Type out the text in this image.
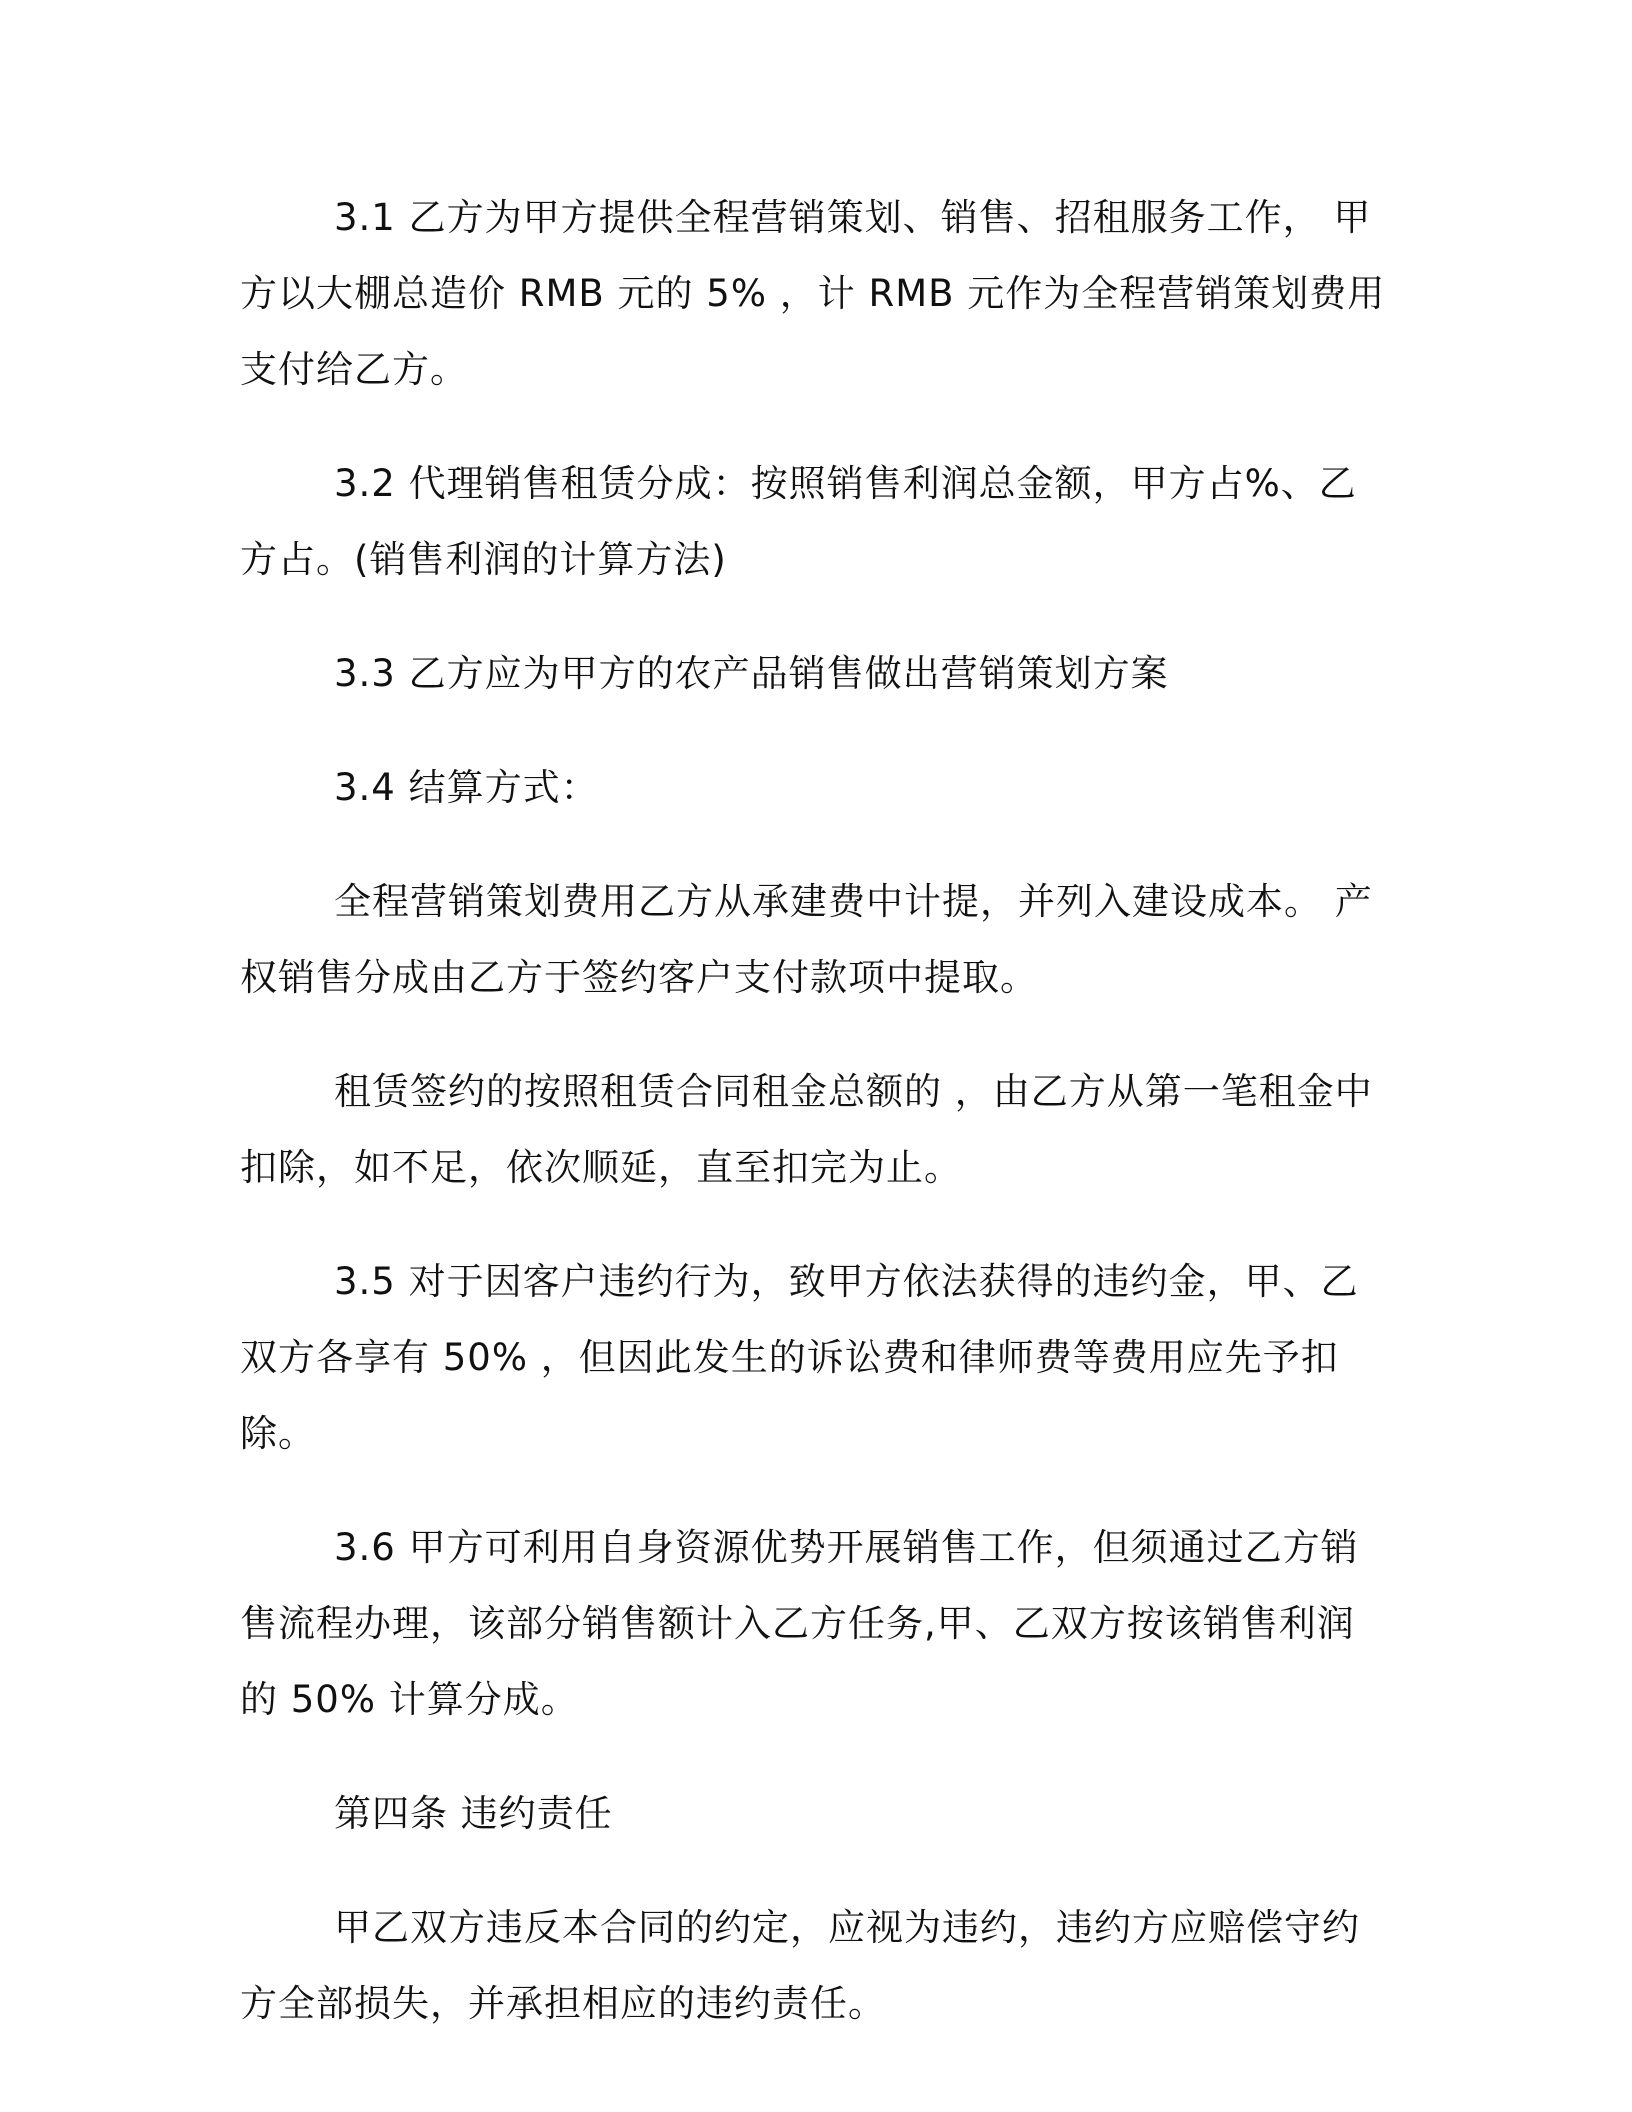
3.1 乙方为甲方提供全程营销策划、销售、招租服务工作， 甲方以大棚总造价 RMB 元的 5% ，计 RMB 元作为全程营销策划费用支付给乙方。

3.2 代理销售租赁分成：按照销售利润总金额，甲方占%、乙方占。(销售利润的计算方法)

3.3 乙方应为甲方的农产品销售做出营销策划方案

3.4 结算方式：

全程营销策划费用乙方从承建费中计提，并列入建设成本。 产权销售分成由乙方于签约客户支付款项中提取。

租赁签约的按照租赁合同租金总额的 ，由乙方从第一笔租金中扣除，如不足，依次顺延，直至扣完为止。

3.5 对于因客户违约行为，致甲方依法获得的违约金，甲、乙双方各享有 50% ，但因此发生的诉讼费和律师费等费用应先予扣除。

3.6 甲方可利用自身资源优势开展销售工作，但须通过乙方销售流程办理，该部分销售额计入乙方任务,甲、乙双方按该销售利润的 50% 计算分成。

第四条 违约责任

甲乙双方违反本合同的约定，应视为违约，违约方应赔偿守约方全部损失，并承担相应的违约责任。
